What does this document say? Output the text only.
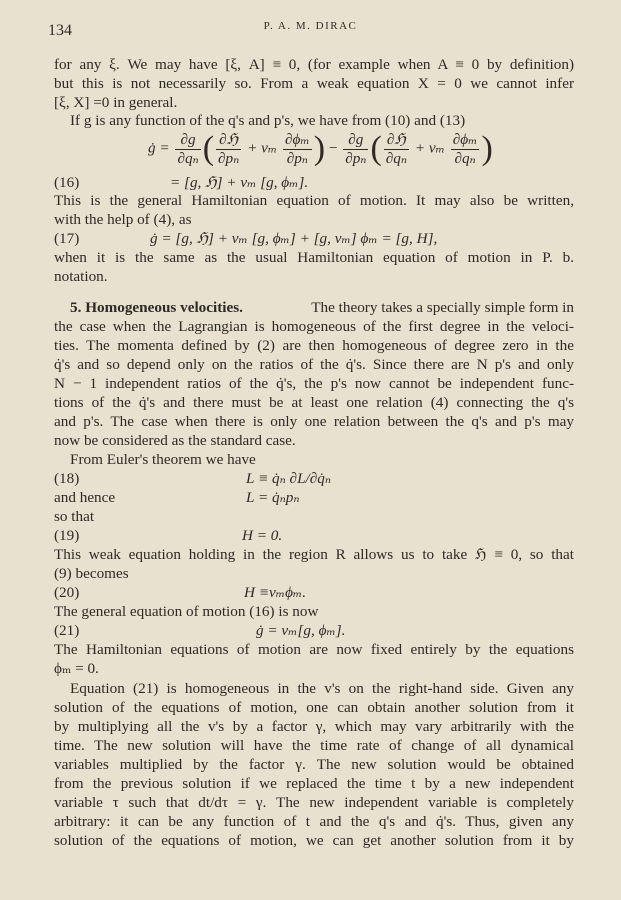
134	P. A. M. DIRAC
for any ξ. We may have [ξ, A] ≡ 0, (for example when A ≡ 0 by definition)
but this is not necessarily so. From a weak equation X = 0 we cannot infer
[ξ, X] =0 in general.
If g is any function of the q's and p's, we have from (10) and (13)
ġ = $\frac{\partial g}{\text{∂qₙ}}$ ( $\frac{\text{∂ℌ}}{\text{∂pₙ}} + v_m \frac{\text{∂ϕₘ}}{\text{∂pₙ}}$ ) − $\frac{\partial g}{\text{∂pₙ}}$ ( $\frac{\text{∂ℌ}}{\text{∂qₙ}} + v_m \frac{\text{∂ϕₘ}}{\text{∂qₙ}}$ )
(16)	= [g, ℌ] + vₘ [g, ϕₘ].
This is the general Hamiltonian equation of motion. It may also be written,
with the help of (4), as
(17)	ġ = [g, ℌ] + vₘ [g, ϕₘ] + [g, vₘ] ϕₘ = [g, H],
when it is the same as the usual Hamiltonian equation of motion in P. b.
notation.
5. Homogeneous velocities.	The theory takes a specially simple form in
the case when the Lagrangian is homogeneous of the first degree in the veloci-
ties. The momenta defined by (2) are then homogeneous of degree zero in the
q̇'s and so depend only on the ratios of the q̇'s. Since there are N p's and only
N − 1 independent ratios of the q̇'s, the p's now cannot be independent func-
tions of the q̇'s and there must be at least one relation (4) connecting the q's
and p's. The case when there is only one relation between the q's and p's may
now be considered as the standard case.
From Euler's theorem we have
(18)	L ≡ q̇ₙ ∂L/∂q̇ₙ
and hence	L = q̇ₙpₙ
so that
(19)	H = 0.
This weak equation holding in the region R allows us to take ℌ ≡ 0, so that
(9) becomes
(20)	H ≡vₘϕₘ.
The general equation of motion (16) is now
(21)	ġ = vₘ[g, ϕₘ].
The Hamiltonian equations of motion are now fixed entirely by the equations
ϕₘ = 0.
Equation (21) is homogeneous in the v's on the right-hand side. Given any
solution of the equations of motion, one can obtain another solution from it
by multiplying all the v's by a factor γ, which may vary arbitrarily with the
time. The new solution will have the time rate of change of all dynamical
variables multiplied by the factor γ. The new solution would be obtained
from the previous solution if we replaced the time t by a new independent
variable τ such that dt/dτ = γ. The new independent variable is completely
arbitrary: it can be any function of t and the q's and q̇'s. Thus, given any
solution of the equations of motion, we can get another solution from it by
